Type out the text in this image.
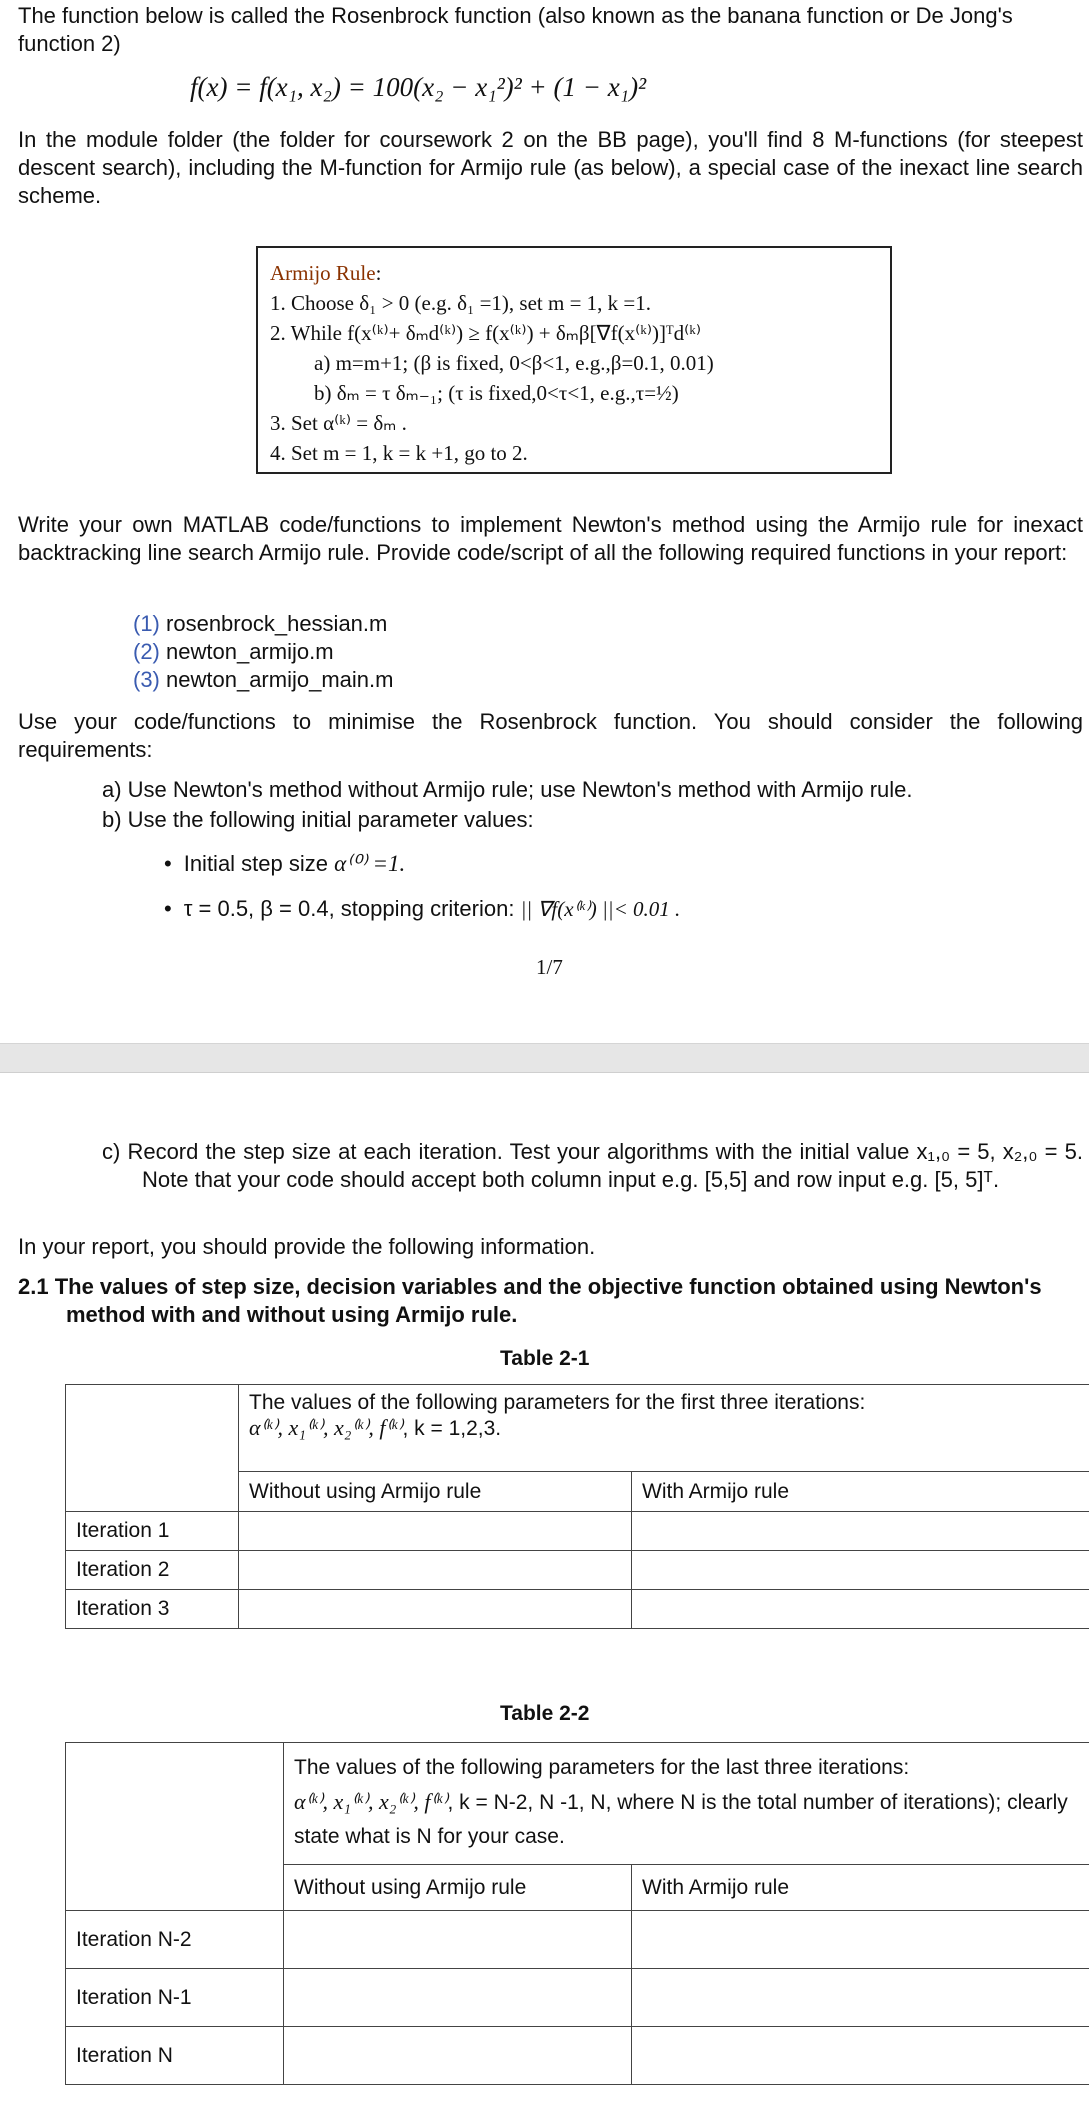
The function below is called the Rosenbrock function (also known as the banana function or De Jong's
function 2)
f(x) = f(x₁, x₂) = 100(x₂ − x₁²)² + (1 − x₁)²
In the module folder (the folder for coursework 2 on the BB page), you'll find 8 M-functions (for steepest descent search), including the M-function for Armijo rule (as below), a special case of the inexact line search scheme.
Armijo Rule:
1. Choose δ₁ > 0 (e.g. δ₁ =1), set m = 1, k =1.
2. While f(x⁽ᵏ⁾+ δₘd⁽ᵏ⁾) ≥ f(x⁽ᵏ⁾) + δₘβ[∇f(x⁽ᵏ⁾)]ᵀd⁽ᵏ⁾
a) m=m+1; (β is fixed, 0<β<1, e.g.,β=0.1, 0.01)
b) δₘ = τ δₘ₋₁; (τ is fixed,0<τ<1, e.g.,τ=½)
3. Set α⁽ᵏ⁾ = δₘ .
4. Set m = 1, k = k +1, go to 2.
Write your own MATLAB code/functions to implement Newton's method using the Armijo rule for inexact backtracking line search Armijo rule. Provide code/script of all the following required functions in your report:
(1) rosenbrock_hessian.m
(2) newton_armijo.m
(3) newton_armijo_main.m
Use your code/functions to minimise the Rosenbrock function. You should consider the following requirements:
a) Use Newton's method without Armijo rule; use Newton's method with Armijo rule.
b) Use the following initial parameter values:
• Initial step size α⁽⁰⁾ =1.
• τ = 0.5, β = 0.4, stopping criterion: || ∇f(x⁽ᵏ⁾) ||< 0.01 .
1/7
c) Record the step size at each iteration. Test your algorithms with the initial value x₁,₀ = 5, x₂,₀ = 5. Note that your code should accept both column input e.g. [5,5] and row input e.g. [5, 5]ᵀ.
In your report, you should provide the following information.
2.1 The values of step size, decision variables and the objective function obtained using Newton's method with and without using Armijo rule.
Table 2-1

	The values of the following parameters for the first three iterations:
α⁽ᵏ⁾, x₁⁽ᵏ⁾, x₂⁽ᵏ⁾, f⁽ᵏ⁾, k = 1,2,3.	

	Without using Armijo rule	With Armijo rule
Iteration 1		
Iteration 2		
Iteration 3		
Table 2-2

	The values of the following parameters for the last three iterations:
α⁽ᵏ⁾, x₁⁽ᵏ⁾, x₂⁽ᵏ⁾, f⁽ᵏ⁾, k = N-2, N -1, N, where N is the total number of iterations); clearly state what is N for your case.	

	Without using Armijo rule	With Armijo rule
Iteration N-2		
Iteration N-1		
Iteration N		
